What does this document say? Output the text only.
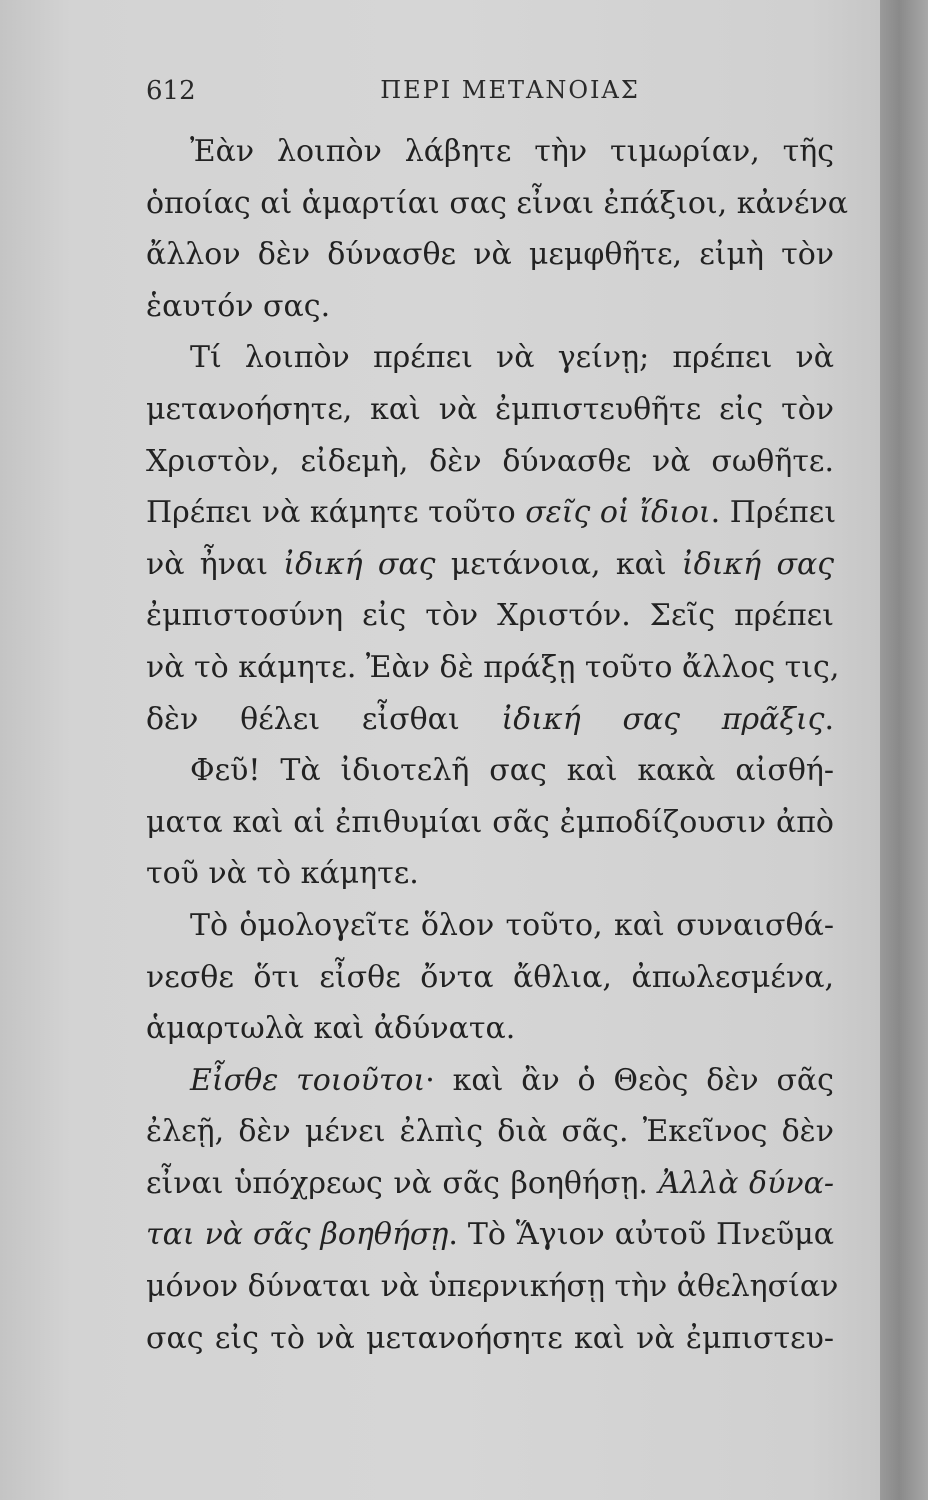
612	ΠΕΡΙ ΜΕΤΑΝΟΙΑΣ
Ἐὰν λοιπὸν λάβητε τὴν τιμωρίαν, τῆς
ὁποίας αἱ ἁμαρτίαι σας εἶναι ἐπάξιοι, κἀνένα
ἄλλον δὲν δύνασθε νὰ μεμφθῆτε, εἰμὴ τὸν
ἑαυτόν σας.
Τί λοιπὸν πρέπει νὰ γείνῃ; πρέπει νὰ
μετανοήσητε, καὶ νὰ ἐμπιστευθῆτε εἰς τὸν
Χριστὸν, εἰδεμὴ, δὲν δύνασθε νὰ σωθῆτε.
Πρέπει νὰ κάμητε τοῦτο σεῖς οἱ ἴδιοι. Πρέπει
νὰ ἦναι ἰδική σας μετάνοια, καὶ ἰδική σας
ἐμπιστοσύνη εἰς τὸν Χριστόν. Σεῖς πρέπει
νὰ τὸ κάμητε. Ἐὰν δὲ πράξῃ τοῦτο ἄλλος τις,
δὲν θέλει εἶσθαι ἰδική σας πρᾶξις.
Φεῦ! Τὰ ἰδιοτελῆ σας καὶ κακὰ αἰσθή-
ματα καὶ αἱ ἐπιθυμίαι σᾶς ἐμποδίζουσιν ἀπὸ
τοῦ νὰ τὸ κάμητε.
Τὸ ὁμολογεῖτε ὅλον τοῦτο, καὶ συναισθά-
νεσθε ὅτι εἶσθε ὄντα ἄθλια, ἀπωλεσμένα,
ἁμαρτωλὰ καὶ ἀδύνατα.
Εἶσθε τοιοῦτοι· καὶ ἂν ὁ Θεὸς δὲν σᾶς
ἐλεῇ, δὲν μένει ἐλπὶς διὰ σᾶς. Ἐκεῖνος δὲν
εἶναι ὑπόχρεως νὰ σᾶς βοηθήσῃ. Ἀλλὰ δύνα-
ται νὰ σᾶς βοηθήσῃ. Τὸ Ἅγιον αὐτοῦ Πνεῦμα
μόνον δύναται νὰ ὑπερνικήσῃ τὴν ἀθελησίαν
σας εἰς τὸ νὰ μετανοήσητε καὶ νὰ ἐμπιστευ-
